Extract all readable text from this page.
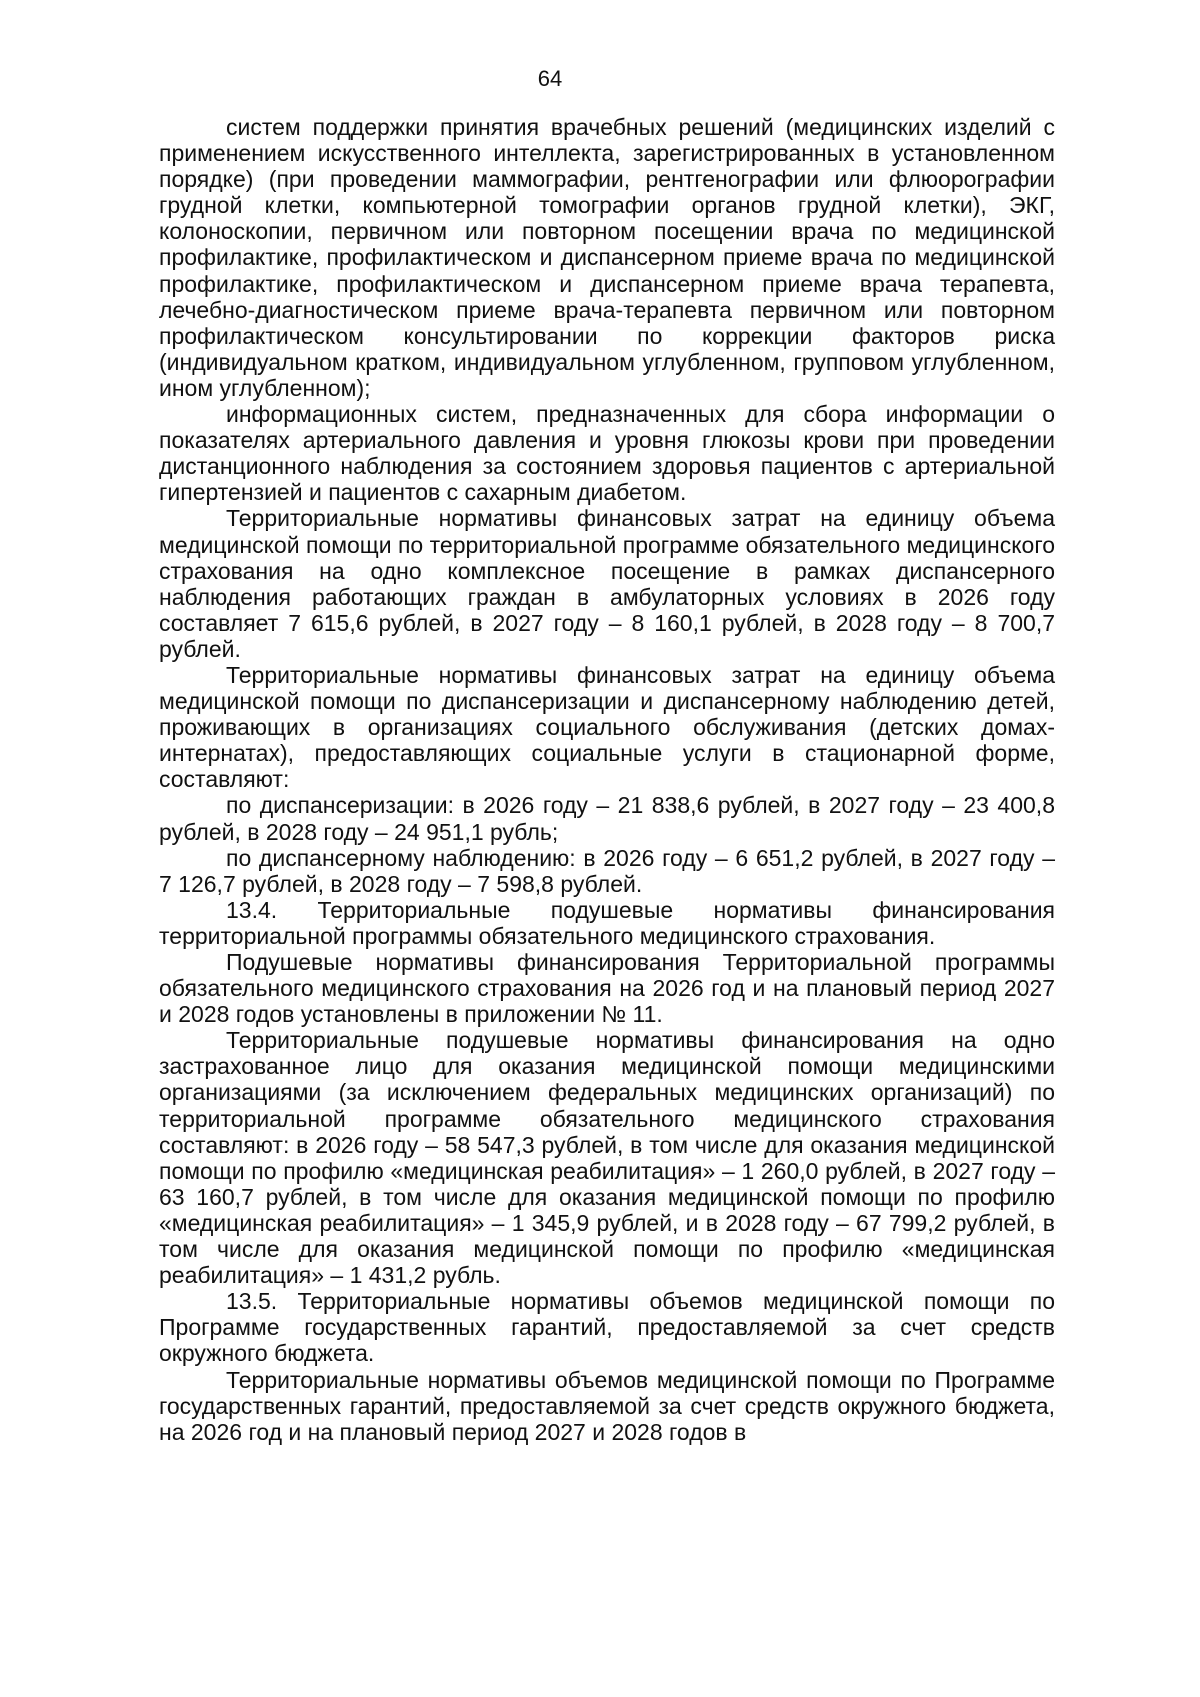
64

систем поддержки принятия врачебных решений (медицинских изделий с применением искусственного интеллекта, зарегистрированных в установленном порядке) (при проведении маммографии, рентгенографии или флюорографии грудной клетки, компьютерной томографии органов грудной клетки), ЭКГ, колоноскопии, первичном или повторном посещении врача по медицинской профилактике, профилактическом и диспансерном приеме врача по медицинской профилактике, профилактическом и диспансерном приеме врача терапевта, лечебно-диагностическом приеме врача-терапевта первичном или повторном профилактическом консультировании по коррекции факторов риска (индивидуальном кратком, индивидуальном углубленном, групповом углубленном, ином углубленном);

информационных систем, предназначенных для сбора информации о показателях артериального давления и уровня глюкозы крови при проведении дистанционного наблюдения за состоянием здоровья пациентов с артериальной гипертензией и пациентов с сахарным диабетом.

Территориальные нормативы финансовых затрат на единицу объема медицинской помощи по территориальной программе обязательного медицинского страхования на одно комплексное посещение в рамках диспансерного наблюдения работающих граждан в амбулаторных условиях в 2026 году составляет 7 615,6 рублей, в 2027 году – 8 160,1 рублей, в 2028 году – 8 700,7 рублей.

Территориальные нормативы финансовых затрат на единицу объема медицинской помощи по диспансеризации и диспансерному наблюдению детей, проживающих в организациях социального обслуживания (детских домах-интернатах), предоставляющих социальные услуги в стационарной форме, составляют:

по диспансеризации: в 2026 году – 21 838,6 рублей, в 2027 году – 23 400,8 рублей, в 2028 году – 24 951,1 рубль;

по диспансерному наблюдению: в 2026 году – 6 651,2 рублей, в 2027 году – 7 126,7 рублей, в 2028 году – 7 598,8 рублей.

13.4. Территориальные подушевые нормативы финансирования территориальной программы обязательного медицинского страхования.

Подушевые нормативы финансирования Территориальной программы обязательного медицинского страхования на 2026 год и на плановый период 2027 и 2028 годов установлены в приложении № 11.

Территориальные подушевые нормативы финансирования на одно застрахованное лицо для оказания медицинской помощи медицинскими организациями (за исключением федеральных медицинских организаций) по территориальной программе обязательного медицинского страхования составляют: в 2026 году – 58 547,3 рублей, в том числе для оказания медицинской помощи по профилю «медицинская реабилитация» – 1 260,0 рублей, в 2027 году – 63 160,7 рублей, в том числе для оказания медицинской помощи по профилю «медицинская реабилитация» – 1 345,9 рублей, и в 2028 году – 67 799,2 рублей, в том числе для оказания медицинской помощи по профилю «медицинская реабилитация» – 1 431,2 рубль.

13.5. Территориальные нормативы объемов медицинской помощи по Программе государственных гарантий, предоставляемой за счет средств окружного бюджета.

Территориальные нормативы объемов медицинской помощи по Программе государственных гарантий, предоставляемой за счет средств окружного бюджета, на 2026 год и на плановый период 2027 и 2028 годов в
